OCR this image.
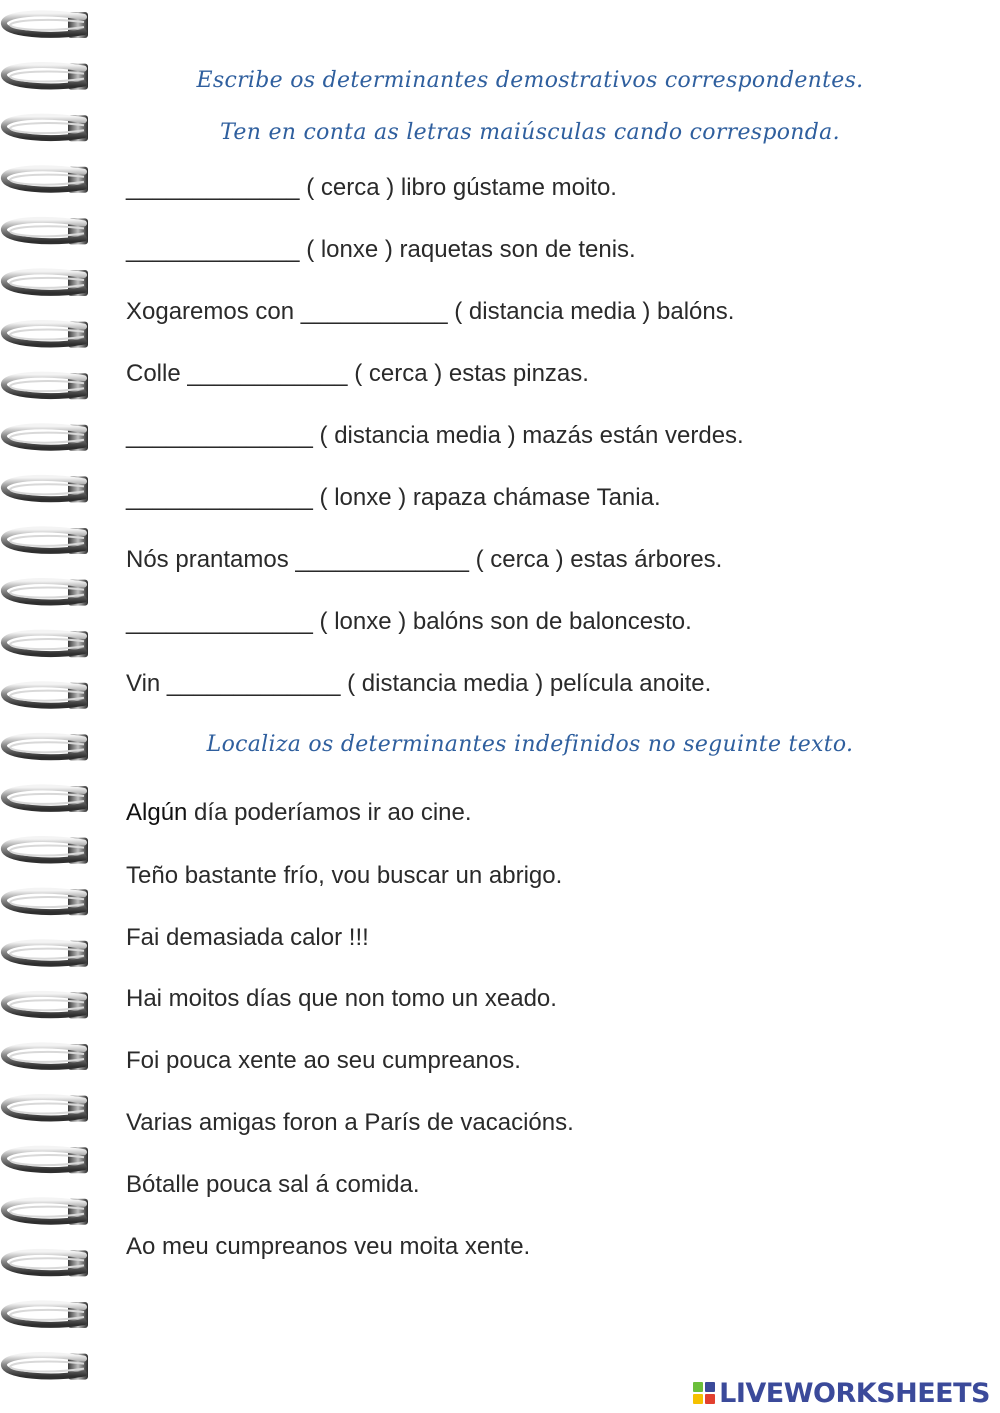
Escribe os determinantes demostrativos correspondentes.
Ten en conta as letras maiúsculas cando corresponda.
_____________ ( cerca ) libro gústame moito.
_____________ ( lonxe ) raquetas son de tenis.
Xogaremos con ___________ ( distancia media ) balóns.
Colle ____________ ( cerca ) estas pinzas.
______________ ( distancia media ) mazás están verdes.
______________ ( lonxe ) rapaza chámase Tania.
Nós prantamos _____________ ( cerca ) estas árbores.
______________ ( lonxe ) balóns son de baloncesto.
Vin _____________ ( distancia media ) película anoite.
Localiza os determinantes indefinidos no seguinte texto.
Algún día poderíamos ir ao cine.
Teño bastante frío, vou buscar un abrigo.
Fai demasiada calor !!!
Hai moitos días que non tomo un xeado.
Foi pouca xente ao seu cumpreanos.
Varias amigas foron a París de vacacións.
Bótalle pouca sal á comida.
Ao meu cumpreanos veu moita xente.
LIVEWORKSHEETS
